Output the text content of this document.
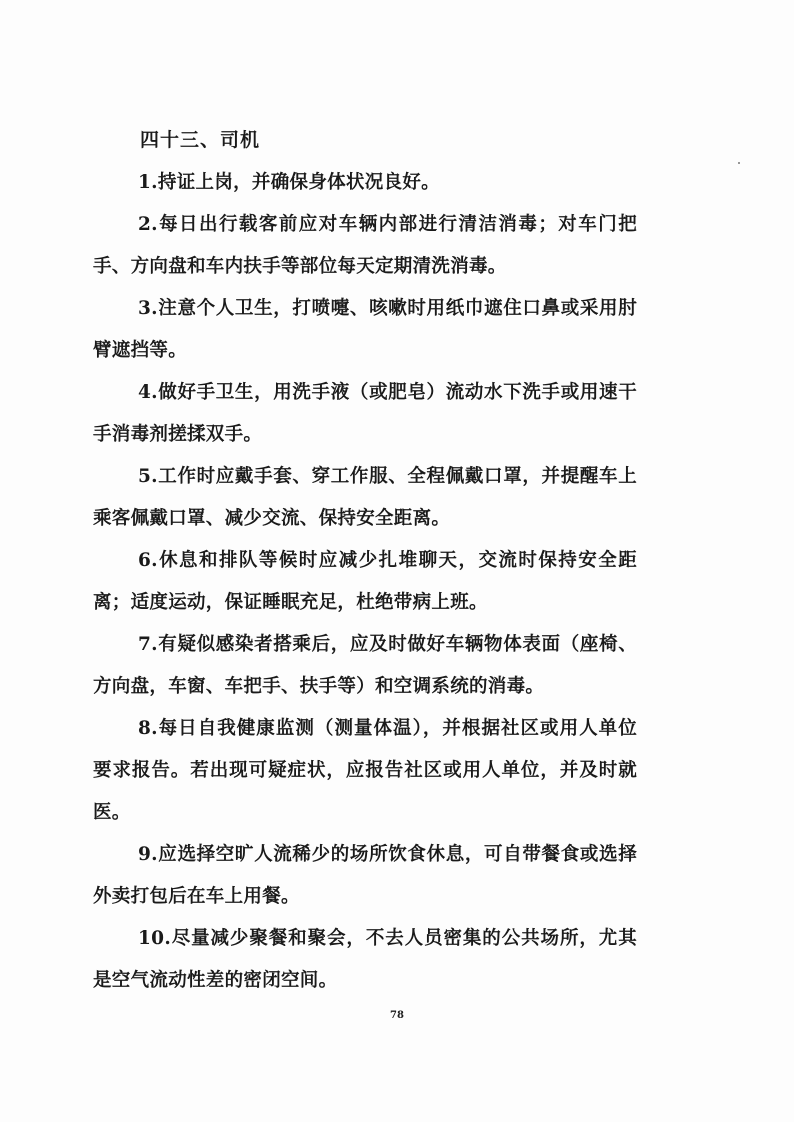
四十三、司机

1.持证上岗，并确保身体状况良好。

2.每日出行载客前应对车辆内部进行清洁消毒；对车门把手、方向盘和车内扶手等部位每天定期清洗消毒。

3.注意个人卫生，打喷嚏、咳嗽时用纸巾遮住口鼻或采用肘臂遮挡等。

4.做好手卫生，用洗手液（或肥皂）流动水下洗手或用速干手消毒剂搓揉双手。

5.工作时应戴手套、穿工作服、全程佩戴口罩，并提醒车上乘客佩戴口罩、减少交流、保持安全距离。

6.休息和排队等候时应减少扎堆聊天，交流时保持安全距离；适度运动，保证睡眠充足，杜绝带病上班。

7.有疑似感染者搭乘后，应及时做好车辆物体表面（座椅、方向盘，车窗、车把手、扶手等）和空调系统的消毒。

8.每日自我健康监测（测量体温），并根据社区或用人单位要求报告。若出现可疑症状，应报告社区或用人单位，并及时就医。

9.应选择空旷人流稀少的场所饮食休息，可自带餐食或选择外卖打包后在车上用餐。

10.尽量减少聚餐和聚会，不去人员密集的公共场所，尤其是空气流动性差的密闭空间。

78
